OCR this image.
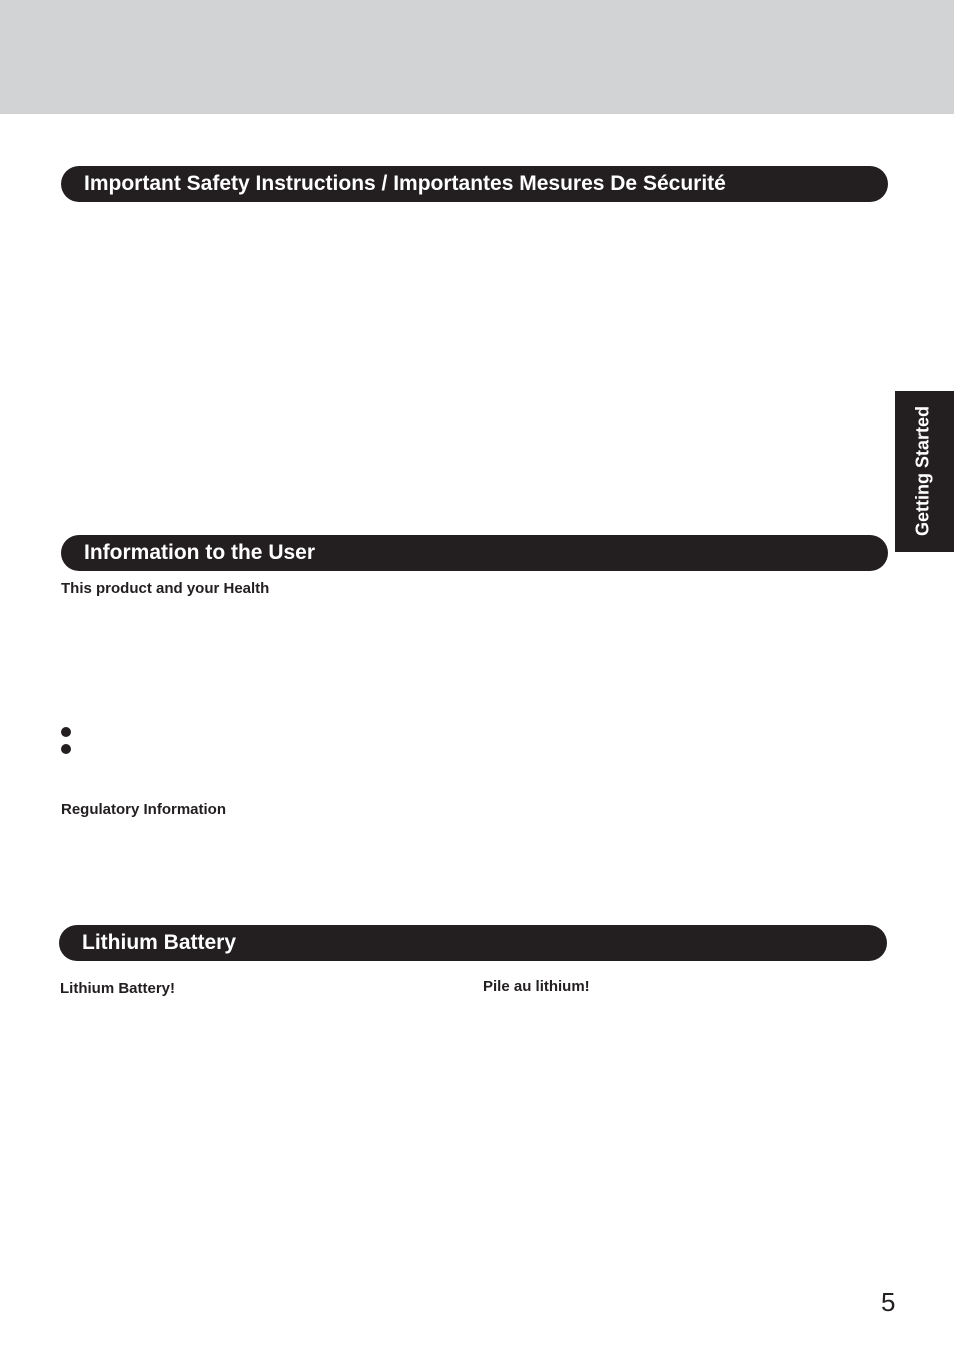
Important Safety Instructions / Importantes Mesures De Sécurité
Getting Started
Information to the User
This product and your Health
Regulatory Information
Lithium Battery
Lithium Battery!	Pile au lithium!
5
